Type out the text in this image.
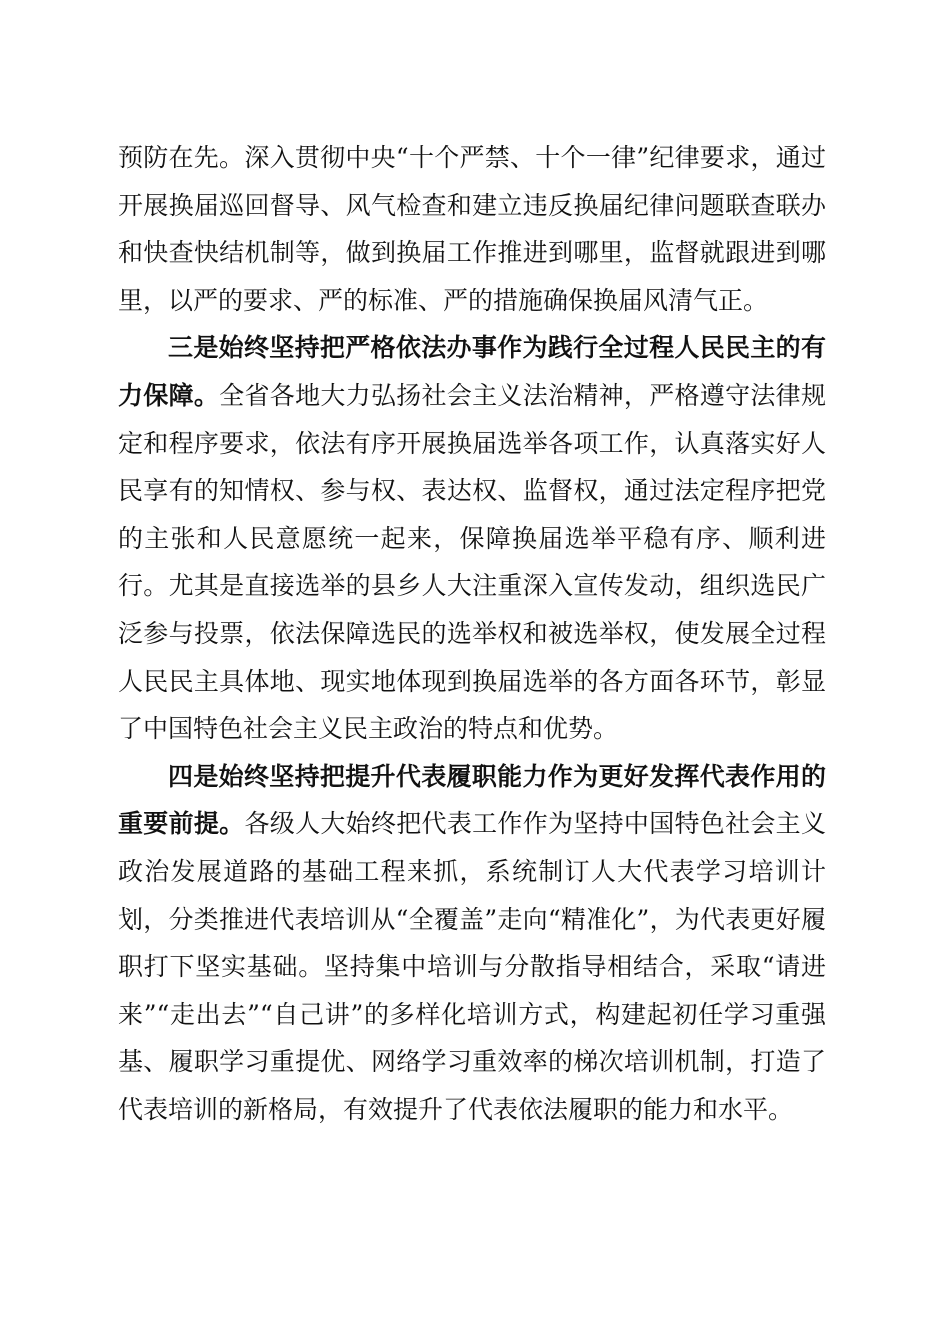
预防在先。深入贯彻中央“十个严禁、十个一律”纪律要求，通过开展换届巡回督导、风气检查和建立违反换届纪律问题联查联办和快查快结机制等，做到换届工作推进到哪里，监督就跟进到哪里，以严的要求、严的标准、严的措施确保换届风清气正。

三是始终坚持把严格依法办事作为践行全过程人民民主的有力保障。全省各地大力弘扬社会主义法治精神，严格遵守法律规定和程序要求，依法有序开展换届选举各项工作，认真落实好人民享有的知情权、参与权、表达权、监督权，通过法定程序把党的主张和人民意愿统一起来，保障换届选举平稳有序、顺利进行。尤其是直接选举的县乡人大注重深入宣传发动，组织选民广泛参与投票，依法保障选民的选举权和被选举权，使发展全过程人民民主具体地、现实地体现到换届选举的各方面各环节，彰显了中国特色社会主义民主政治的特点和优势。

四是始终坚持把提升代表履职能力作为更好发挥代表作用的重要前提。各级人大始终把代表工作作为坚持中国特色社会主义政治发展道路的基础工程来抓，系统制订人大代表学习培训计划，分类推进代表培训从“全覆盖”走向“精准化”，为代表更好履职打下坚实基础。坚持集中培训与分散指导相结合，采取“请进来”“走出去”“自己讲”的多样化培训方式，构建起初任学习重强基、履职学习重提优、网络学习重效率的梯次培训机制，打造了代表培训的新格局，有效提升了代表依法履职的能力和水平。
